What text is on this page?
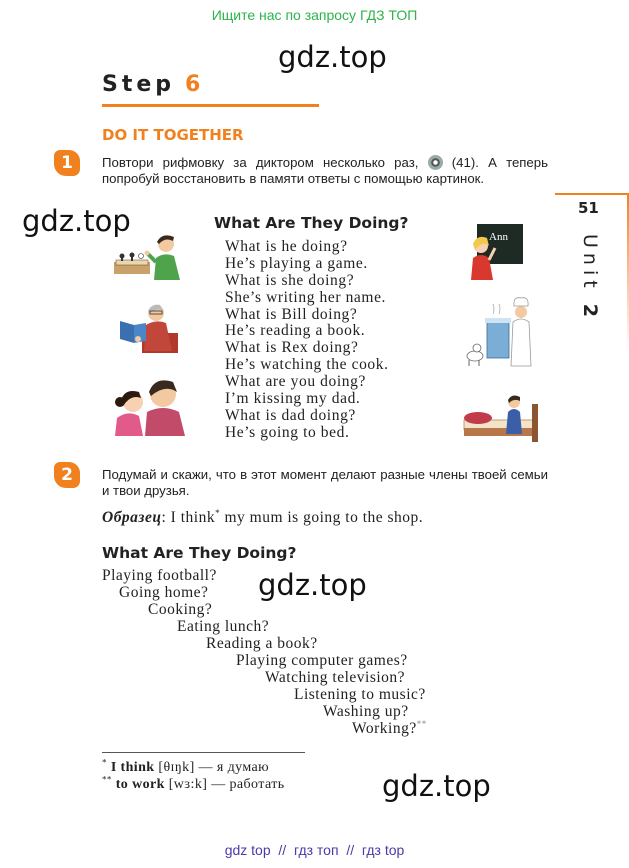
Ищите нас по запросу ГДЗ ТОП
gdz.top
gdz.top
gdz.top
gdz.top
Step 6
DO IT TOGETHER
51
Unit 2
1	Повтори рифмовку за диктором несколько раз,	(41). А теперь попробуй восстановить в памяти ответы с помощью картинок.
What Are They Doing?
What is he doing?
He’s playing a game.
What is she doing?
She’s writing her name.
What is Bill doing?
He’s reading a book.
What is Rex doing?
He’s watching the cook.
What are you doing?
I’m kissing my dad.
What is dad doing?
He’s going to bed.
Ann
2	Подумай и скажи, что в этот момент делают разные члены твоей семьи и твои друзья.
Образец: I think* my mum is going to the shop.
What Are They Doing?
Playing football?
Going home?
Cooking?
Eating lunch?
Reading a book?
Playing computer games?
Watching television?
Listening to music?
Washing up?
Working?**
* I think [θɪŋk] — я думаю
** to work [wɜ:k] — работать
gdz top  //  гдз топ  //  гдз top
